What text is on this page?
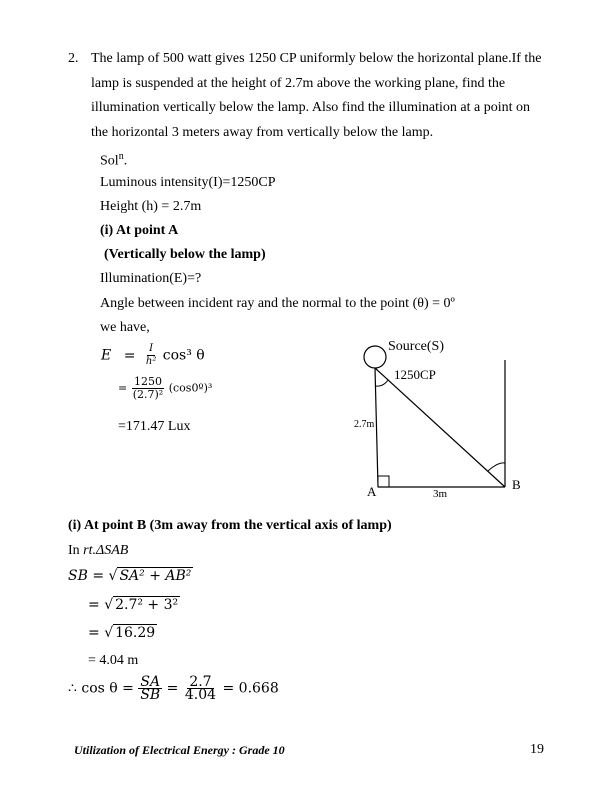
2. The lamp of 500 watt gives 1250 CP uniformly below the horizontal plane.If the
lamp is suspended at the height of 2.7m above the working plane, find the
illumination vertically below the lamp. Also find the illumination at a point on
the horizontal 3 meters away from vertically below the lamp.
Sol$^n$.
Luminous intensity(I)=1250CP
Height (h) = 2.7m
(i) At point A
(Vertically below the lamp)
Illumination(E)=?
Angle between incident ray and the normal to the point (θ) = 0º
we have,
$E = \frac{I}{\text{h²}} \cos^3$ θ
= $\frac{1250}{\text{(2.7)²}}$ (cos0º)³
=171.47 Lux
Source(S)
1250CP
2.7m
A	B
3m
(i) At point B (3m away from the vertical axis of lamp)
In rt.ΔSAB
SB = √ SA² + AB²
= √ 2.7² + 3²
= √ 16.29
= 4.04 m
∴ $\cos \theta = \frac{SA}{SB} = \frac{2.7}{4.04} = 0.668$
Utilization of Electrical Energy : Grade 10	19
